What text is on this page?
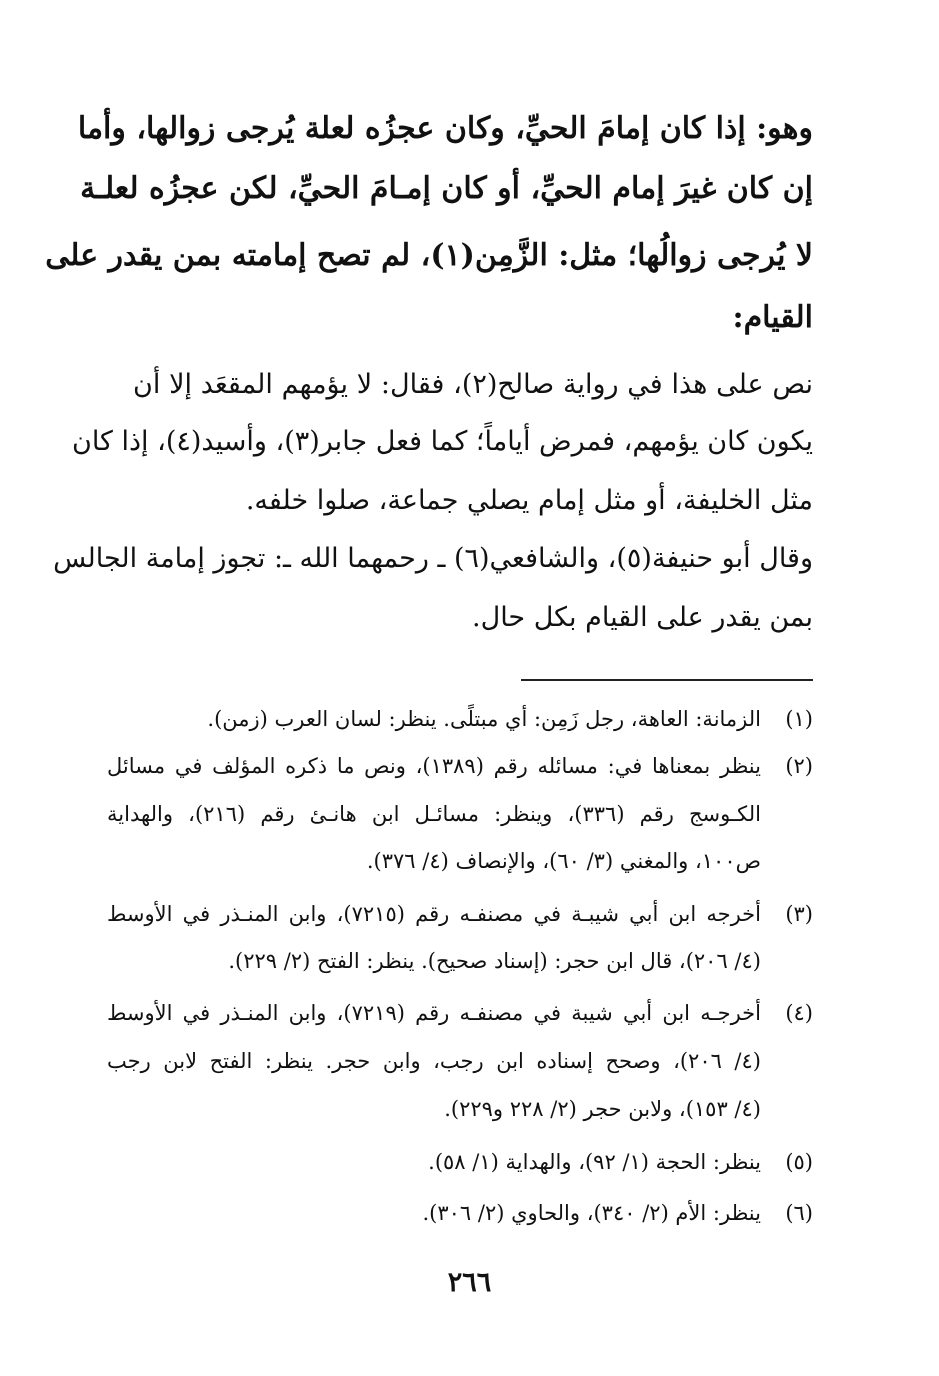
وهو: إذا كان إمامَ الحيِّ، وكان عجزُه لعلة يُرجى زوالها، وأما
إن كان غيرَ إمام الحيِّ، أو كان إمـامَ الحيِّ، لكن عجزُه لعلـة
لا يُرجى زوالُها؛ مثل: الزَّمِن(١)، لم تصح إمامته بمن يقدر على
القيام:
نص على هذا في رواية صالح(٢)، فقال: لا يؤمهم المقعَد إلا أن
يكون كان يؤمهم، فمرض أياماً؛ كما فعل جابر(٣)، وأسيد(٤)، إذا كان
مثل الخليفة، أو مثل إمام يصلي جماعة، صلوا خلفه.
وقال أبو حنيفة(٥)، والشافعي(٦) ـ رحمهما الله ـ: تجوز إمامة الجالس
بمن يقدر على القيام بكل حال.
(١)
الزمانة: العاهة، رجل زَمِن: أي مبتلًى. ينظر: لسان العرب (زمن).
(٢)
ينظر بمعناها في: مسائله رقم (١٣٨٩)، ونص ما ذكره المؤلف في مسائل
الكـوسج رقم (٣٣٦)، وينظر: مسائـل ابن هانـئ رقم (٢١٦)، والهداية
ص١٠٠، والمغني (٣/ ٦٠)، والإنصاف (٤/ ٣٧٦).
(٣)
أخرجه ابن أبي شيبـة في مصنفـه رقم (٧٢١٥)، وابن المنـذر في الأوسط
(٤/ ٢٠٦)، قال ابن حجر: (إسناد صحيح). ينظر: الفتح (٢/ ٢٢٩).
(٤)
أخرجـه ابن أبي شيبة في مصنفـه رقم (٧٢١٩)، وابن المنـذر في الأوسط
(٤/ ٢٠٦)، وصحح إسناده ابن رجب، وابن حجر. ينظر: الفتح لابن رجب
(٤/ ١٥٣)، ولابن حجر (٢/ ٢٢٨ و٢٢٩).
(٥)
ينظر: الحجة (١/ ٩٢)، والهداية (١/ ٥٨).
(٦)
ينظر: الأم (٢/ ٣٤٠)، والحاوي (٢/ ٣٠٦).
٢٦٦
